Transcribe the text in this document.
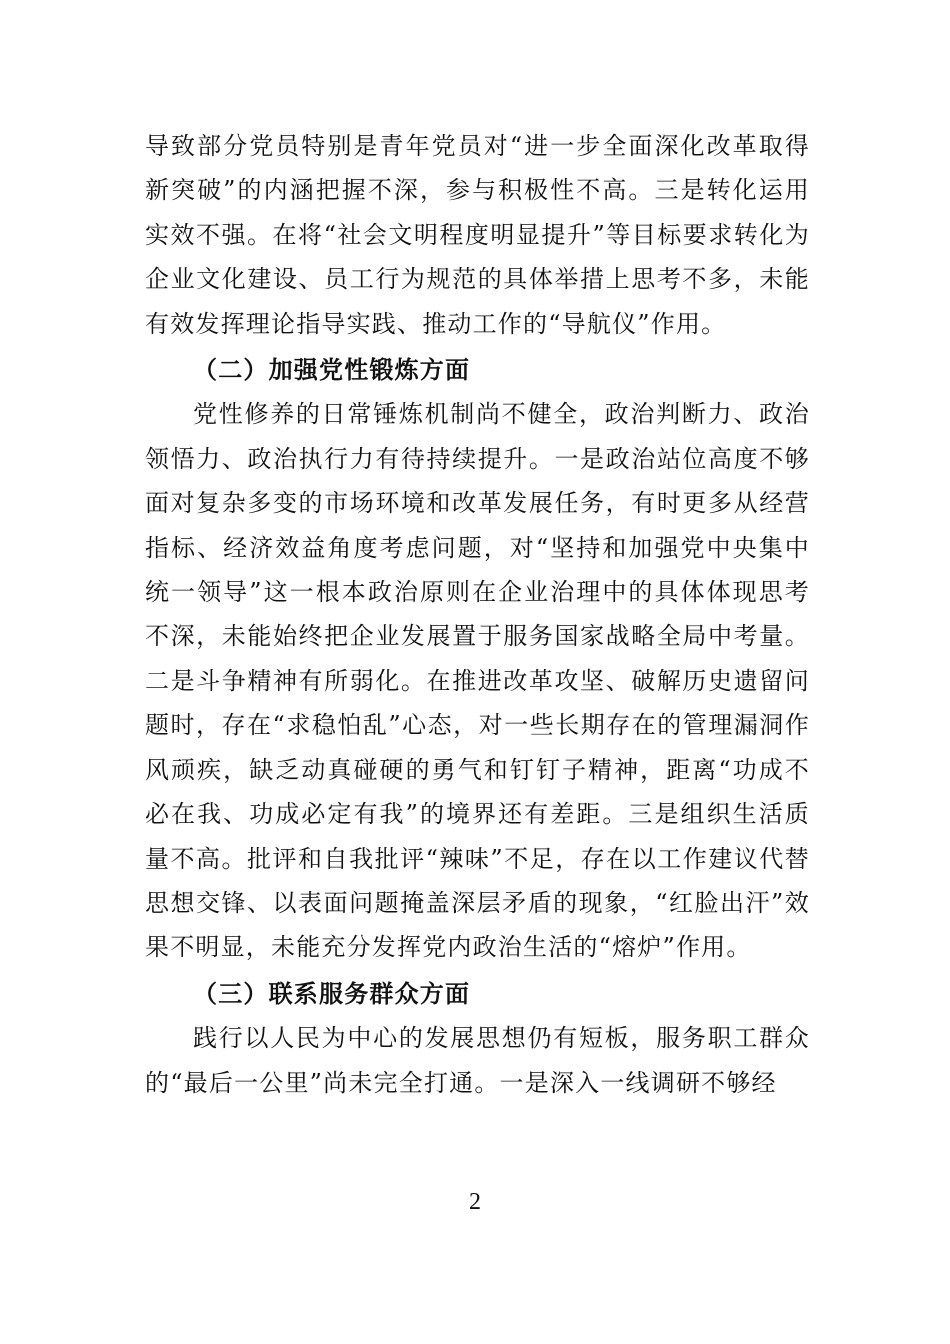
导致部分党员特别是青年党员对“进一步全面深化改革取得新突破”的内涵把握不深，参与积极性不高。三是转化运用实效不强。在将“社会文明程度明显提升”等目标要求转化为企业文化建设、员工行为规范的具体举措上思考不多，未能有效发挥理论指导实践、推动工作的“导航仪”作用。

（二）加强党性锻炼方面

党性修养的日常锤炼机制尚不健全，政治判断力、政治领悟力、政治执行力有待持续提升。一是政治站位高度不够面对复杂多变的市场环境和改革发展任务，有时更多从经营指标、经济效益角度考虑问题，对“坚持和加强党中央集中统一领导”这一根本政治原则在企业治理中的具体体现思考不深，未能始终把企业发展置于服务国家战略全局中考量。二是斗争精神有所弱化。在推进改革攻坚、破解历史遗留问题时，存在“求稳怕乱”心态，对一些长期存在的管理漏洞作风顽疾，缺乏动真碰硬的勇气和钉钉子精神，距离“功成不必在我、功成必定有我”的境界还有差距。三是组织生活质量不高。批评和自我批评“辣味”不足，存在以工作建议代替思想交锋、以表面问题掩盖深层矛盾的现象，“红脸出汗”效果不明显，未能充分发挥党内政治生活的“熔炉”作用。

（三）联系服务群众方面

践行以人民为中心的发展思想仍有短板，服务职工群众的“最后一公里”尚未完全打通。一是深入一线调研不够经

2
